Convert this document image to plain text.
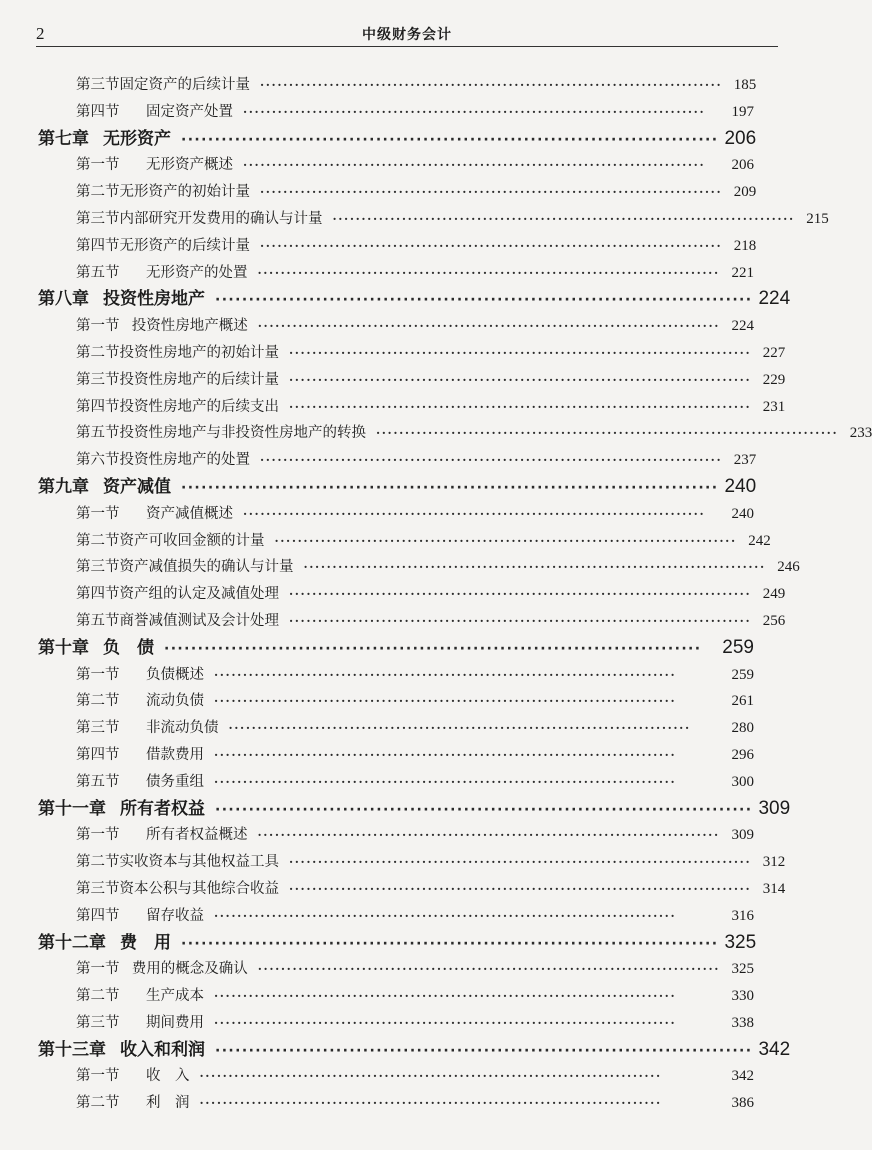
2	中级财务会计
第三节 固定资产的后续计量 ················································································ 185
第四节	固定资产处置 ················································································	197
第七章 无形资产 ················································································ 206
第一节	无形资产概述 ················································································	206
第二节 无形资产的初始计量 ················································································ 209
第三节 内部研究开发费用的确认与计量 ················································································ 215
第四节 无形资产的后续计量 ················································································ 218
第五节	无形资产的处置 ················································································ 221
第八章 投资性房地产 ················································································ 224
第一节 投资性房地产概述 ················································································ 224
第二节 投资性房地产的初始计量 ················································································ 227
第三节 投资性房地产的后续计量 ················································································ 229
第四节 投资性房地产的后续支出 ················································································ 231
第五节 投资性房地产与非投资性房地产的转换 ················································································ 233
第六节 投资性房地产的处置 ················································································ 237
第九章 资产减值 ················································································ 240
第一节	资产减值概述 ················································································	240
第二节 资产可收回金额的计量 ················································································ 242
第三节 资产减值损失的确认与计量 ················································································ 246
第四节 资产组的认定及减值处理 ················································································ 249
第五节 商誉减值测试及会计处理 ················································································ 256
第十章 负　债 ················································································	259
第一节	负债概述 ················································································	259
第二节	流动负债 ················································································	261
第三节	非流动负债 ················································································	280
第四节	借款费用 ················································································	296
第五节	债务重组 ················································································	300
第十一章 所有者权益 ················································································ 309
第一节	所有者权益概述 ················································································ 309
第二节 实收资本与其他权益工具 ················································································ 312
第三节 资本公积与其他综合收益 ················································································ 314
第四节	留存收益 ················································································	316
第十二章 费　用 ················································································ 325
第一节 费用的概念及确认 ················································································ 325
第二节	生产成本 ················································································	330
第三节	期间费用 ················································································	338
第十三章 收入和利润 ················································································ 342
第一节	收　入 ················································································	342
第二节	利　润 ················································································	386
